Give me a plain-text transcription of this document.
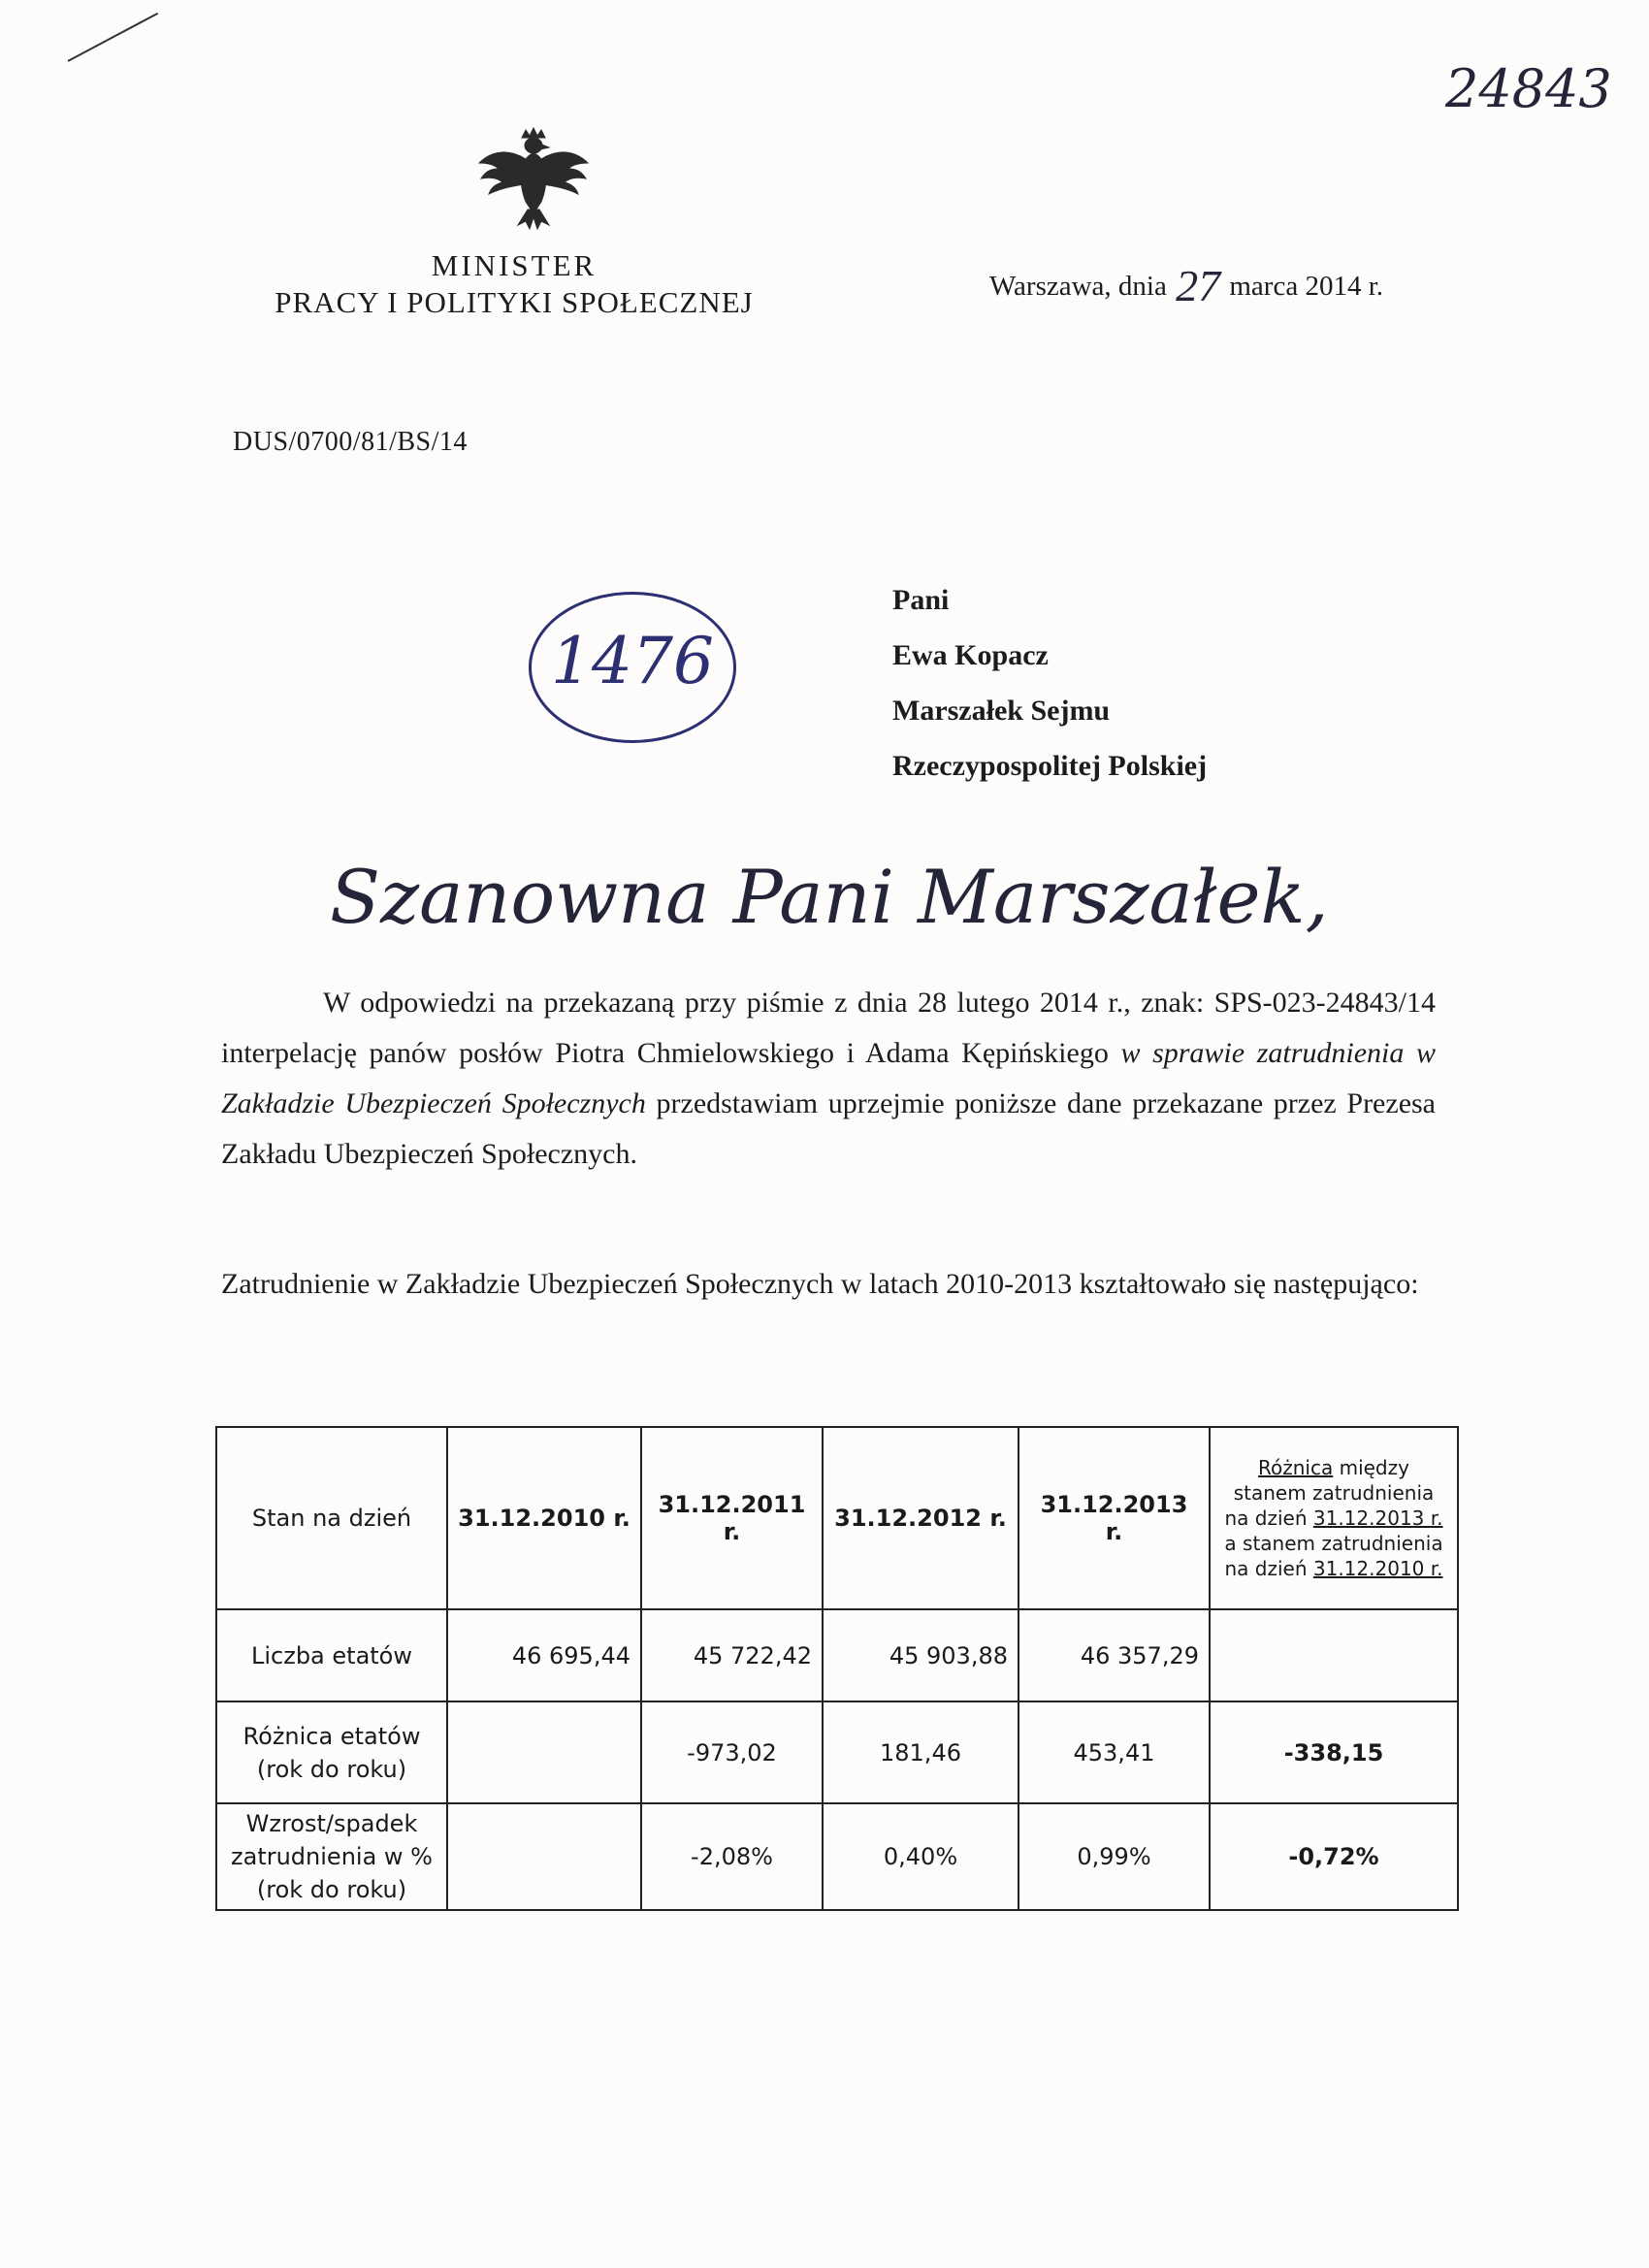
24843
MINISTER
PRACY I POLITYKI SPOŁECZNEJ	Warszawa, dnia 27 marca 2014 r.
DUS/0700/81/BS/14
1476
Pani
Ewa Kopacz
Marszałek Sejmu
Rzeczypospolitej Polskiej
Szanowna Pani Marszałek,
W odpowiedzi na przekazaną przy piśmie z dnia 28 lutego 2014 r., znak: SPS-023-24843/14 interpelację panów posłów Piotra Chmielowskiego i Adama Kępińskiego w sprawie zatrudnienia w Zakładzie Ubezpieczeń Społecznych przedstawiam uprzejmie poniższe dane przekazane przez Prezesa Zakładu Ubezpieczeń Społecznych.
Zatrudnienie w Zakładzie Ubezpieczeń Społecznych w latach 2010-2013 kształtowało się następująco:
Stan na dzień	31.12.2010 r.	31.12.2011 r.	31.12.2012 r.	31.12.2013 r.	Różnica między stanem zatrudnienia na dzień 31.12.2013 r. a stanem zatrudnienia na dzień 31.12.2010 r.

Liczba etatów	46 695,44	45 722,42	45 903,88	46 357,29	

Różnica etatów
(rok do roku)		-973,02	181,46	453,41	-338,15

Wzrost/spadek
zatrudnienia w %
(rok do roku)		-2,08%	0,40%	0,99%	-0,72%
